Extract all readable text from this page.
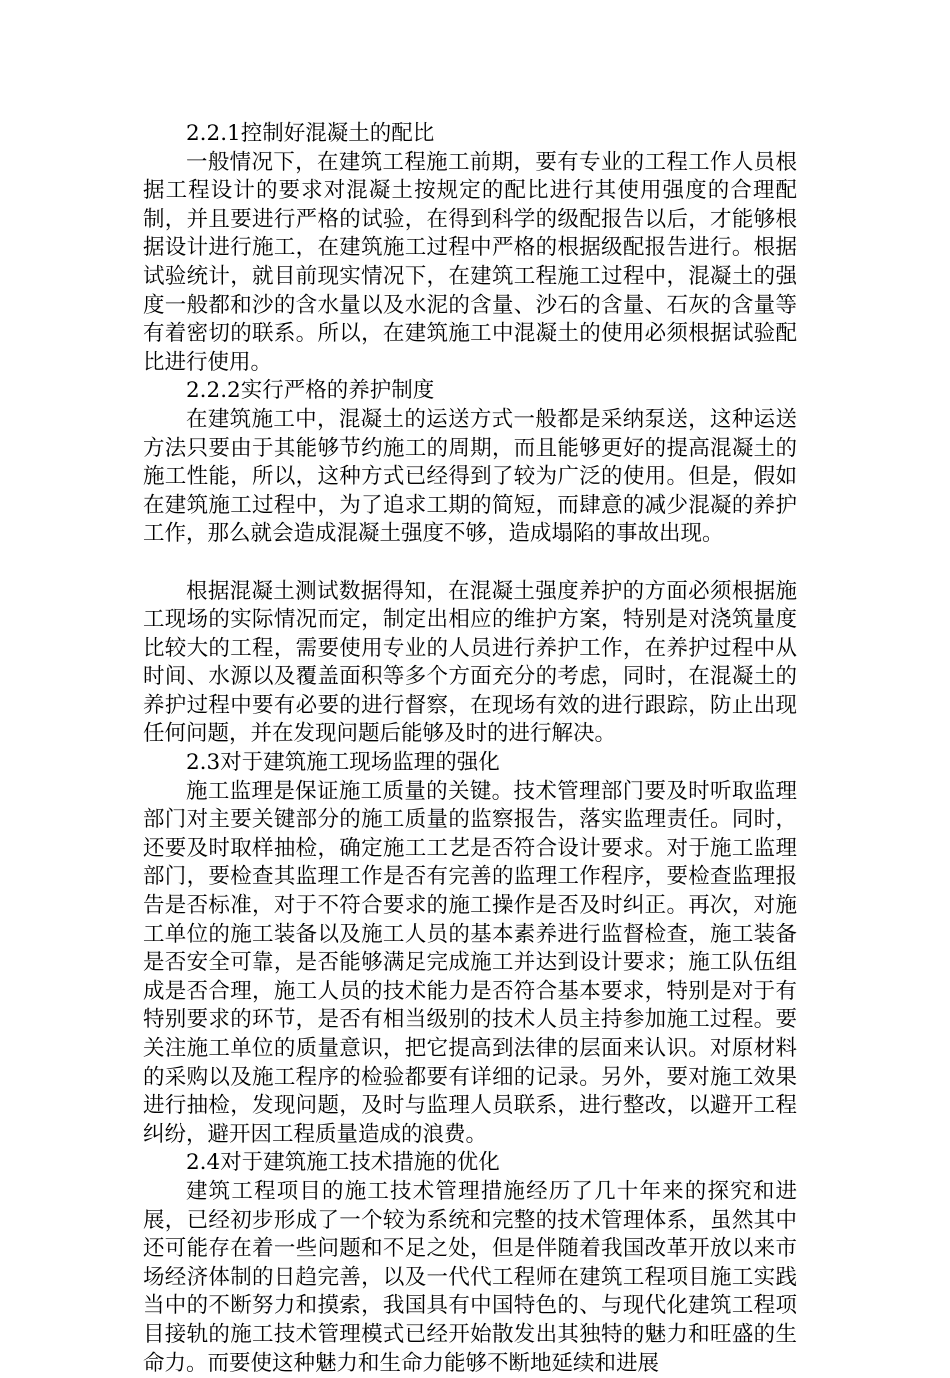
2.2.1控制好混凝土的配比

一般情况下，在建筑工程施工前期，要有专业的工程工作人员根据工程设计的要求对混凝土按规定的配比进行其使用强度的合理配制，并且要进行严格的试验，在得到科学的级配报告以后，才能够根据设计进行施工，在建筑施工过程中严格的根据级配报告进行。根据试验统计，就目前现实情况下，在建筑工程施工过程中，混凝土的强度一般都和沙的含水量以及水泥的含量、沙石的含量、石灰的含量等有着密切的联系。所以，在建筑施工中混凝土的使用必须根据试验配比进行使用。

2.2.2实行严格的养护制度

在建筑施工中，混凝土的运送方式一般都是采纳泵送，这种运送方法只要由于其能够节约施工的周期，而且能够更好的提高混凝土的施工性能，所以，这种方式已经得到了较为广泛的使用。但是，假如在建筑施工过程中，为了追求工期的简短，而肆意的减少混凝的养护工作，那么就会造成混凝土强度不够，造成塌陷的事故出现。

根据混凝土测试数据得知，在混凝土强度养护的方面必须根据施工现场的实际情况而定，制定出相应的维护方案，特别是对浇筑量度比较大的工程，需要使用专业的人员进行养护工作，在养护过程中从时间、水源以及覆盖面积等多个方面充分的考虑，同时，在混凝土的养护过程中要有必要的进行督察，在现场有效的进行跟踪，防止出现任何问题，并在发现问题后能够及时的进行解决。

2.3对于建筑施工现场监理的强化

施工监理是保证施工质量的关键。技术管理部门要及时听取监理部门对主要关键部分的施工质量的监察报告，落实监理责任。同时，还要及时取样抽检，确定施工工艺是否符合设计要求。对于施工监理部门，要检查其监理工作是否有完善的监理工作程序，要检查监理报告是否标准，对于不符合要求的施工操作是否及时纠正。再次，对施工单位的施工装备以及施工人员的基本素养进行监督检查，施工装备是否安全可靠，是否能够满足完成施工并达到设计要求；施工队伍组成是否合理，施工人员的技术能力是否符合基本要求，特别是对于有特别要求的环节，是否有相当级别的技术人员主持参加施工过程。要关注施工单位的质量意识，把它提高到法律的层面来认识。对原材料的采购以及施工程序的检验都要有详细的记录。另外，要对施工效果进行抽检，发现问题，及时与监理人员联系，进行整改，以避开工程纠纷，避开因工程质量造成的浪费。

2.4对于建筑施工技术措施的优化

建筑工程项目的施工技术管理措施经历了几十年来的探究和进展，已经初步形成了一个较为系统和完整的技术管理体系，虽然其中还可能存在着一些问题和不足之处，但是伴随着我国改革开放以来市场经济体制的日趋完善，以及一代代工程师在建筑工程项目施工实践当中的不断努力和摸索，我国具有中国特色的、与现代化建筑工程项目接轨的施工技术管理模式已经开始散发出其独特的魅力和旺盛的生命力。而要使这种魅力和生命力能够不断地延续和进展
